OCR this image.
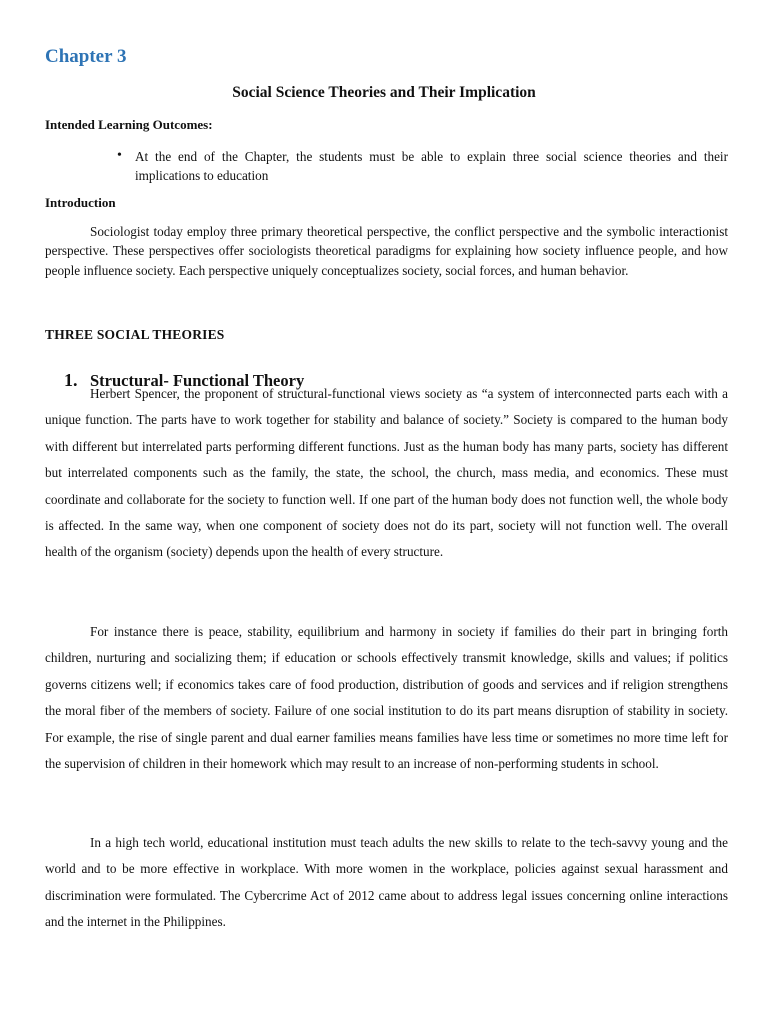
Chapter 3
Social Science Theories and Their Implication
Intended Learning Outcomes:
• At the end of the Chapter, the students must be able to explain three social science theories and their implications to education

Introduction

Sociologist today employ three primary theoretical perspective, the conflict perspective and the symbolic interactionist perspective. These perspectives offer sociologists theoretical paradigms for explaining how society influence people, and how people influence society. Each perspective uniquely conceptualizes society, social forces, and human behavior.

THREE SOCIAL THEORIES
1. Structural- Functional Theory

Herbert Spencer, the proponent of structural-functional views society as “a system of interconnected parts each with a unique function. The parts have to work together for stability and balance of society.” Society is compared to the human body with different but interrelated parts performing different functions. Just as the human body has many parts, society has different but interrelated components such as the family, the state, the school, the church, mass media, and economics. These must coordinate and collaborate for the society to function well. If one part of the human body does not function well, the whole body is affected. In the same way, when one component of society does not do its part, society will not function well. The overall health of the organism (society) depends upon the health of every structure.

For instance there is peace, stability, equilibrium and harmony in society if families do their part in bringing forth children, nurturing and socializing them; if education or schools effectively transmit knowledge, skills and values; if politics governs citizens well; if economics takes care of food production, distribution of goods and services and if religion strengthens the moral fiber of the members of society. Failure of one social institution to do its part means disruption of stability in society. For example, the rise of single parent and dual earner families means families have less time or sometimes no more time left for the supervision of children in their homework which may result to an increase of non-performing students in school.

In a high tech world, educational institution must teach adults the new skills to relate to the tech-savvy young and the world and to be more effective in workplace. With more women in the workplace, policies against sexual harassment and discrimination were formulated. The Cybercrime Act of 2012 came about to address legal issues concerning online interactions and the internet in the Philippines.
